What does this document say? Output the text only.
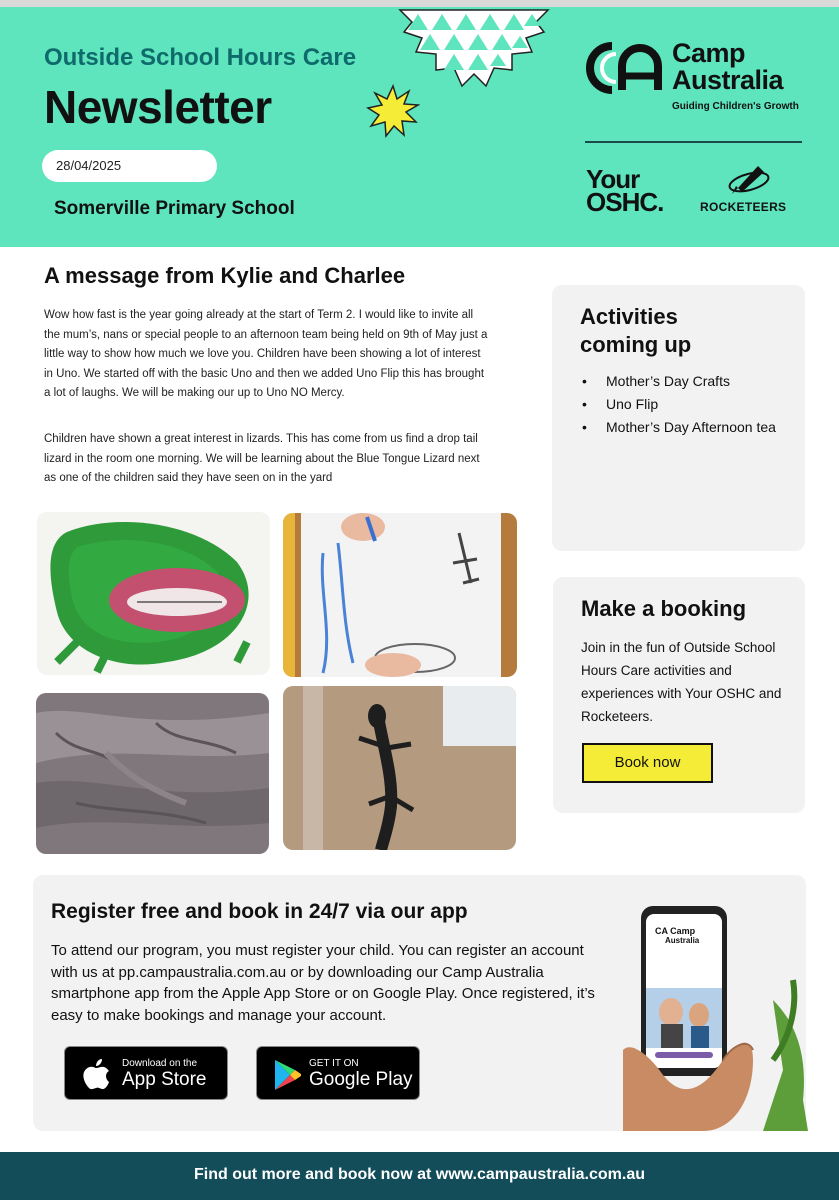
Outside School Hours Care
Newsletter
28/04/2025
Somerville Primary School
Camp
Australia
Guiding Children's Growth
Your
OSHC.	ROCKETEERS
A message from Kylie and Charlee
Wow how fast is the year going already at the start of Term 2. I would like to invite all the mum’s, nans or special people to an afternoon team being held on 9th of May just a little way to show how much we love you. Children have been showing a lot of interest in Uno. We started off with the basic Uno and then we added Uno Flip this has brought a lot of laughs. We will be making our up to Uno NO Mercy.
Children have shown a great interest in lizards. This has come from us find a drop tail lizard in the room one morning. We will be learning about the Blue Tongue Lizard next as one of the children said they have seen on in the yard
Activities coming up
• Mother’s Day Crafts
• Uno Flip
• Mother’s Day Afternoon tea
Make a booking
Join in the fun of Outside School Hours Care activities and experiences with Your OSHC and Rocketeers.
Book now
Register free and book in 24/7 via our app
To attend our program, you must register your child. You can register an account with us at pp.campaustralia.com.au or by downloading our Camp Australia smartphone app from the Apple App Store or on Google Play. Once registered, it’s easy to make bookings and manage your account.
Download on the
App Store
GET IT ON
Google Play
CA Camp
Australia
Find out more and book now at www.campaustralia.com.au
